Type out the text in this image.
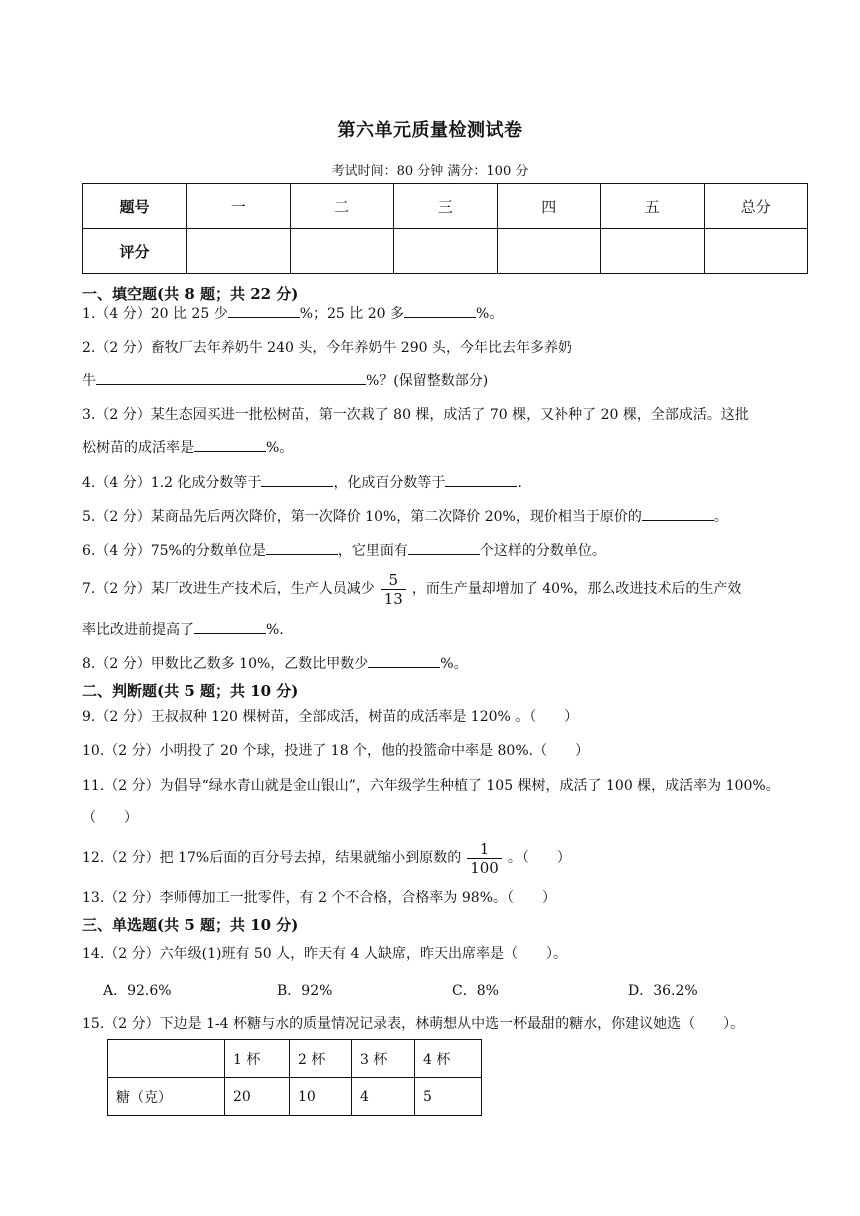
第六单元质量检测试卷
考试时间：80 分钟 满分：100 分
题号	一	二	三	四	五	总分
评分						
一、填空题(共 8 题；共 22 分)
1.（4 分）20 比 25 少	%；25 比 20 多	%。
2.（2 分）畜牧厂去年养奶牛 240 头，今年养奶牛 290 头，今年比去年多养奶
牛	%？(保留整数部分)
3.（2 分）某生态园买进一批松树苗，第一次栽了 80 棵，成活了 70 棵，又补种了 20 棵，全部成活。这批
松树苗的成活率是	%。
4.（4 分）1.2 化成分数等于	，化成百分数等于	.
5.（2 分）某商品先后两次降价，第一次降价 10%，第二次降价 20%，现价相当于原价的	。
6.（4 分）75%的分数单位是	，它里面有	个这样的分数单位。
7.（2 分）某厂改进生产技术后，生产人员减少 $\frac{5}{13}$ ，而生产量却增加了 40%，那么改进技术后的生产效
率比改进前提高了	%.
8.（2 分）甲数比乙数多 10%，乙数比甲数少	%。
二、判断题(共 5 题；共 10 分)
9.（2 分）王叔叔种 120 棵树苗，全部成活，树苗的成活率是 120% 。（　　）
10.（2 分）小明投了 20 个球，投进了 18 个，他的投篮命中率是 80%.（　　）
11.（2 分）为倡导“绿水青山就是金山银山”，六年级学生种植了 105 棵树，成活了 100 棵，成活率为 100%。
（　　）
12.（2 分）把 17%后面的百分号去掉，结果就缩小到原数的 $\frac{1}{100}$ 。（　　）
13.（2 分）李师傅加工一批零件，有 2 个不合格，合格率为 98%。（　　）
三、单选题(共 5 题；共 10 分)
14.（2 分）六年级(1)班有 50 人，昨天有 4 人缺席，昨天出席率是（　　）。
A．92.6%	B．92%	C．8%	D．36.2%
15.（2 分）下边是 1-4 杯糖与水的质量情况记录表，林萌想从中选一杯最甜的糖水，你建议她选（　　）。
	1 杯	2 杯	3 杯	4 杯
糖（克）	20	10	4	5
